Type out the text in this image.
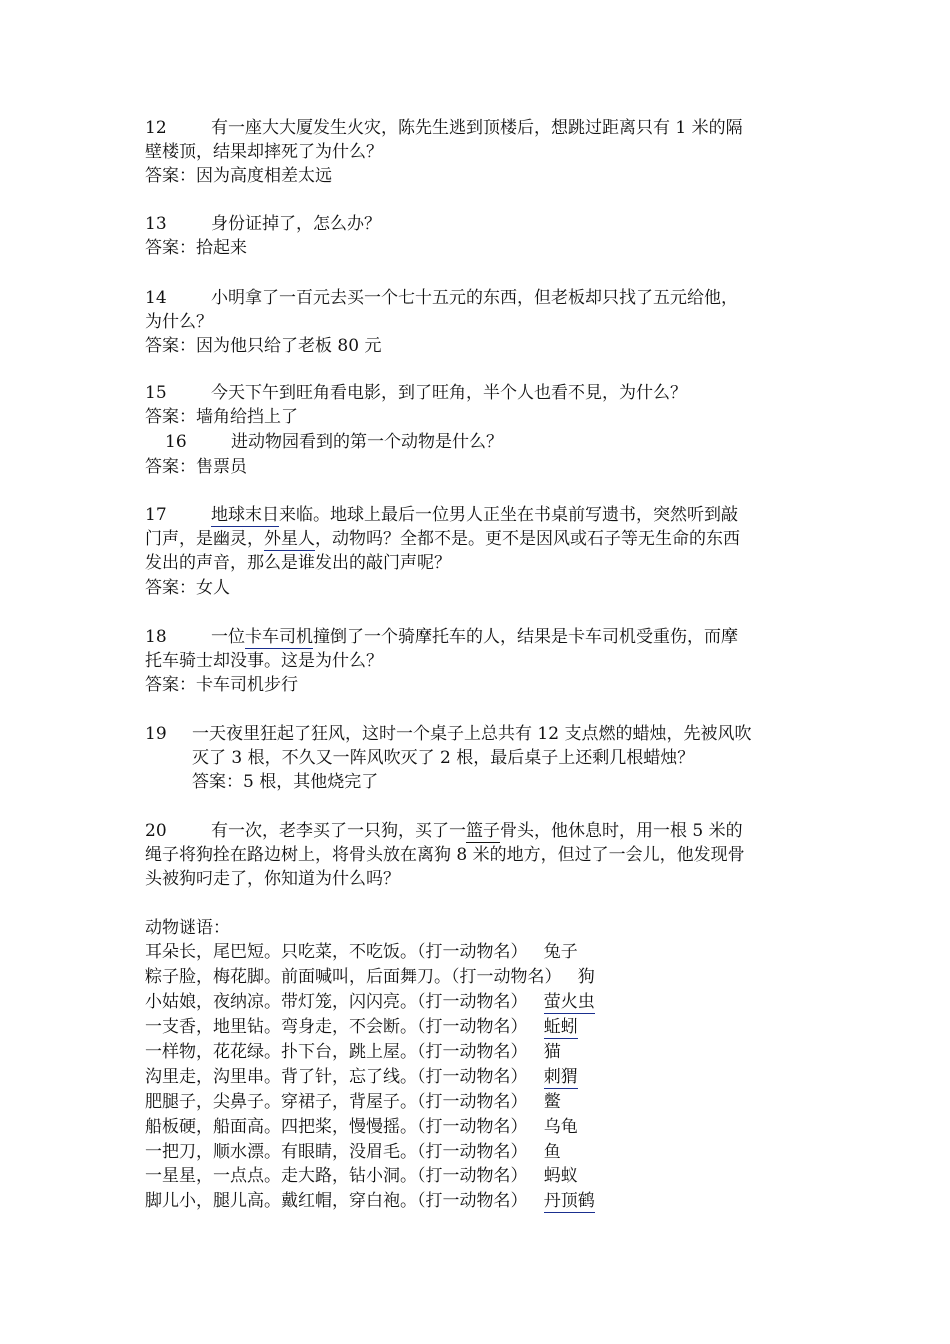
12	有一座大大厦发生火灾，陈先生逃到顶楼后，想跳过距离只有 1 米的隔
壁楼顶，结果却摔死了为什么？
答案：因为高度相差太远
13	身份证掉了，怎么办？
答案：拾起来
14	小明拿了一百元去买一个七十五元的东西，但老板却只找了五元给他，
为什么？
答案：因为他只给了老板 80 元
15	今天下午到旺角看电影，到了旺角，半个人也看不見，为什么？
答案：墙角给挡上了
16	进动物园看到的第一个动物是什么？
答案：售票员
17	地球末日来临。地球上最后一位男人正坐在书桌前写遗书，突然听到敲
门声，是幽灵，外星人，动物吗？全都不是。更不是因风或石子等无生命的东西
发出的声音，那么是谁发出的敲门声呢？
答案：女人
18	一位卡车司机撞倒了一个骑摩托车的人，结果是卡车司机受重伤，而摩
托车骑士却没事。这是为什么？
答案：卡车司机步行
19 一天夜里狂起了狂风，这时一个桌子上总共有 12 支点燃的蜡烛，先被风吹
灭了 3 根，不久又一阵风吹灭了 2 根，最后桌子上还剩几根蜡烛？
答案：5 根，其他烧完了
20	有一次，老李买了一只狗，买了一篮子骨头，他休息时，用一根 5 米的
绳子将狗拴在路边树上，将骨头放在离狗 8 米的地方，但过了一会儿，他发现骨
头被狗叼走了，你知道为什么吗？
动物谜语：
耳朵长，尾巴短。只吃菜，不吃饭。（打一动物名） 兔子
粽子脸，梅花脚。前面喊叫，后面舞刀。（打一动物名） 狗
小姑娘，夜纳凉。带灯笼，闪闪亮。（打一动物名） 萤火虫
一支香，地里钻。弯身走，不会断。（打一动物名） 蚯蚓
一样物，花花绿。扑下台，跳上屋。（打一动物名） 猫
沟里走，沟里串。背了针，忘了线。（打一动物名） 刺猬
肥腿子，尖鼻子。穿裙子，背屋子。（打一动物名） 鳖
船板硬，船面高。四把桨，慢慢摇。（打一动物名） 乌龟
一把刀，顺水漂。有眼睛，没眉毛。（打一动物名） 鱼
一星星，一点点。走大路，钻小洞。（打一动物名） 蚂蚁
脚儿小，腿儿高。戴红帽，穿白袍。（打一动物名） 丹顶鹤
